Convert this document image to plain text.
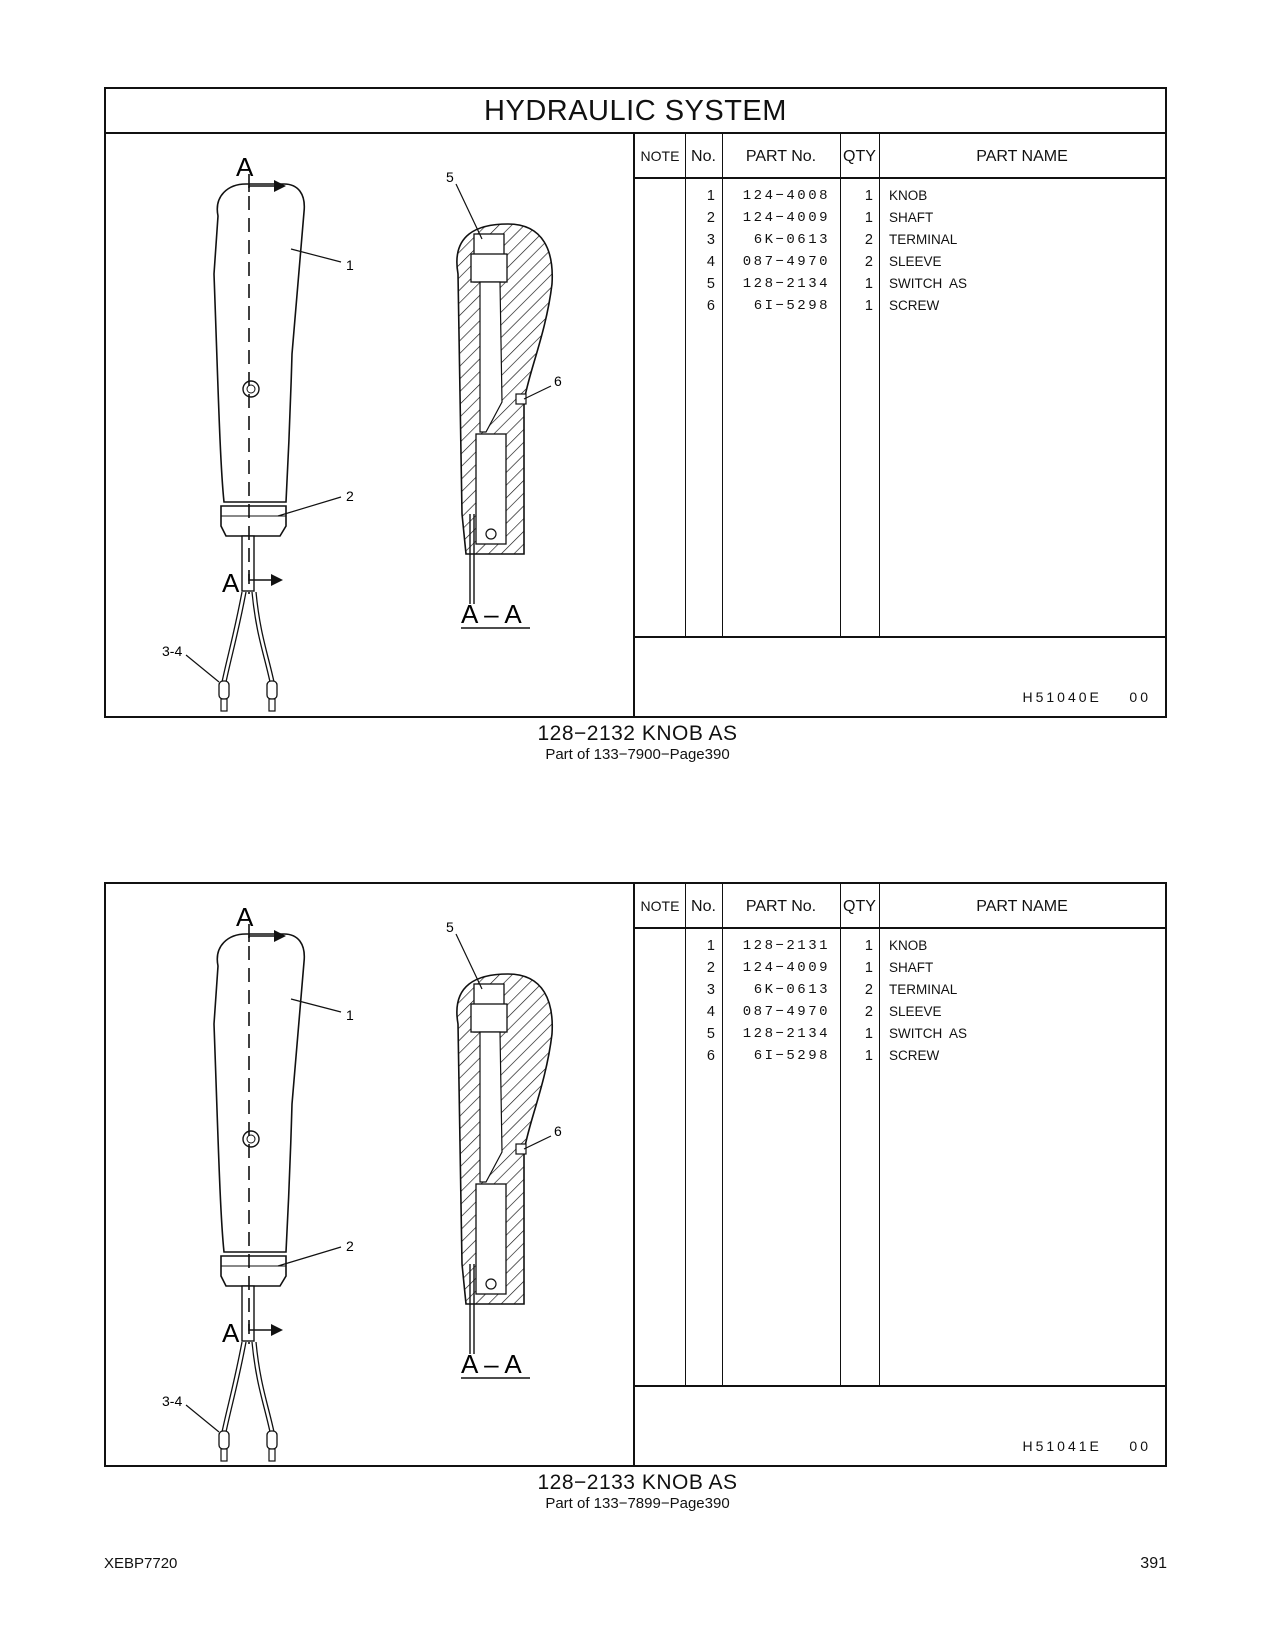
HYDRAULIC SYSTEM
A
A
1
2
3-4
5
6
A – A
NOTE No.	PART No.	QTY	PART NAME
1	124−4008	1 KNOB
2	124−4009	1 SHAFT
3	6K−0613	2 TERMINAL
4	087−4970	2 SLEEVE
5	128−2134	1 SWITCH  AS
6	6I−5298	1 SCREW
H51040E    00
128−2132 KNOB AS
Part of 133−7900−Page390
A
A
1
2
3-4
5
6
A – A
NOTE No.	PART No.	QTY	PART NAME
1	128−2131	1 KNOB
2	124−4009	1 SHAFT
3	6K−0613	2 TERMINAL
4	087−4970	2 SLEEVE
5	128−2134	1 SWITCH  AS
6	6I−5298	1 SCREW
H51041E    00
128−2133 KNOB AS
Part of 133−7899−Page390
XEBP7720	391
